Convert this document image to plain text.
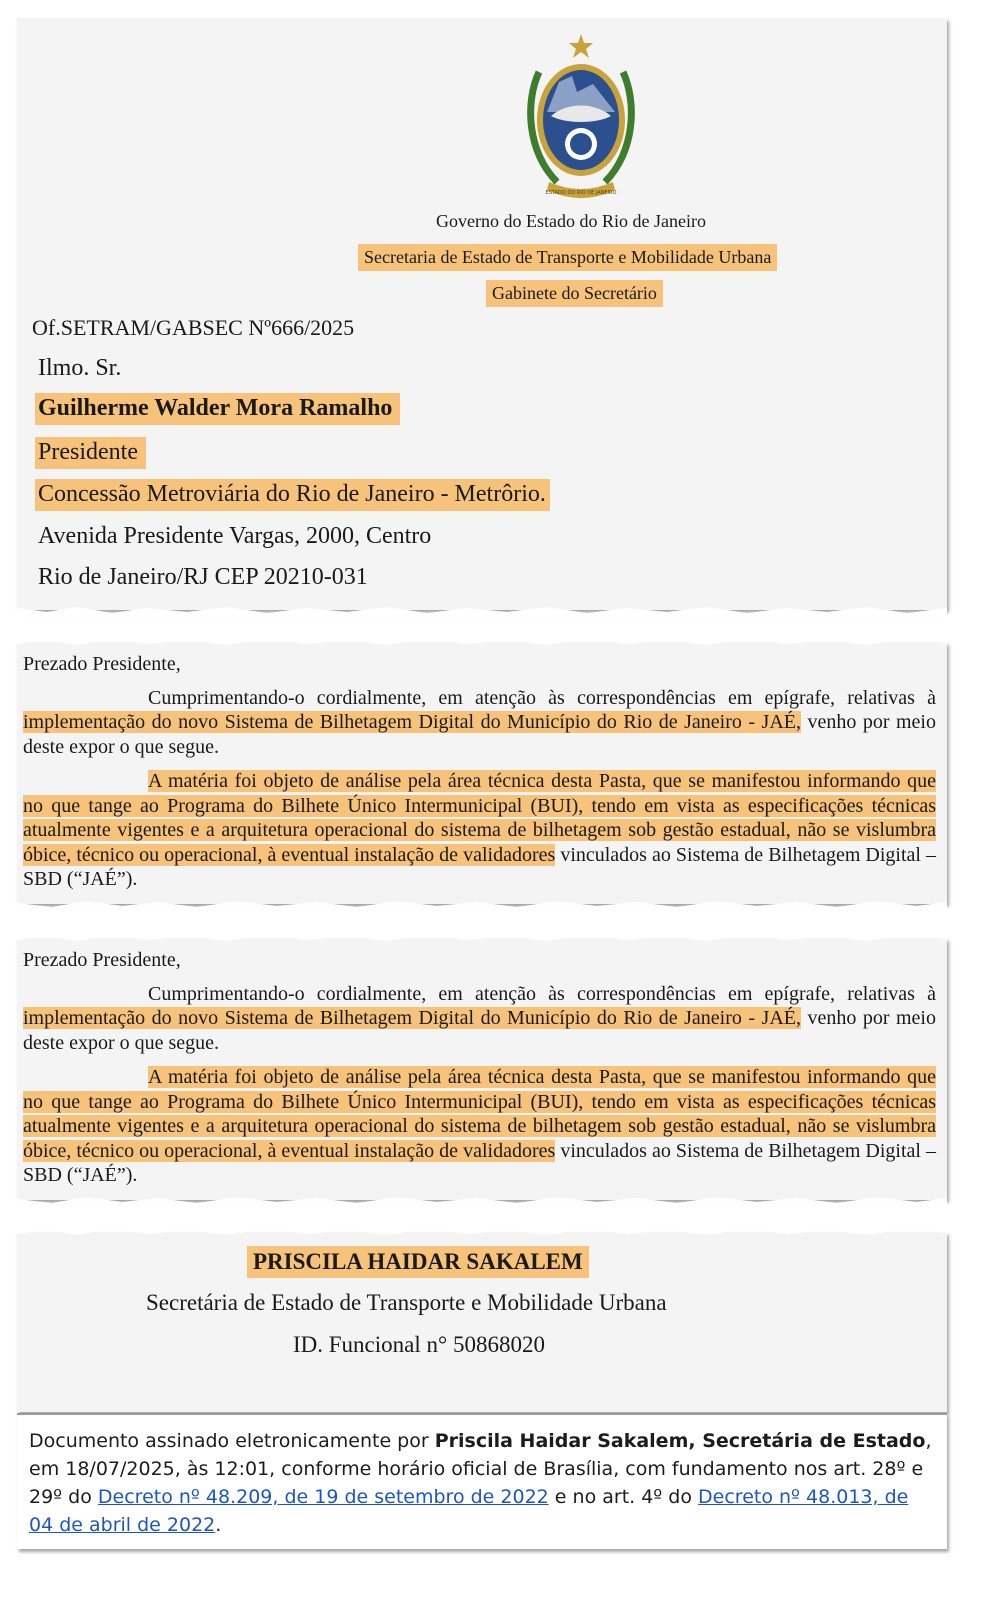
ESTADO DO RIO DE JANEIRO
Governo do Estado do Rio de Janeiro
Secretaria de Estado de Transporte e Mobilidade Urbana
Gabinete do Secretário
Of.SETRAM/GABSEC Nº666/2025
Ilmo. Sr.
Guilherme Walder Mora Ramalho
Presidente
Concessão Metroviária do Rio de Janeiro - Metrôrio.
Avenida Presidente Vargas, 2000, Centro
Rio de Janeiro/RJ CEP 20210-031
Prezado Presidente,
Cumprimentando-o cordialmente, em atenção às correspondências em epígrafe, relativas à implementação do novo Sistema de Bilhetagem Digital do Município do Rio de Janeiro - JAÉ, venho por meio deste expor o que segue.
A matéria foi objeto de análise pela área técnica desta Pasta, que se manifestou informando que no que tange ao Programa do Bilhete Único Intermunicipal (BUI), tendo em vista as especificações técnicas atualmente vigentes e a arquitetura operacional do sistema de bilhetagem sob gestão estadual, não se vislumbra óbice, técnico ou operacional, à eventual instalação de validadores vinculados ao Sistema de Bilhetagem Digital – SBD (“JAÉ”).
Prezado Presidente,
Cumprimentando-o cordialmente, em atenção às correspondências em epígrafe, relativas à implementação do novo Sistema de Bilhetagem Digital do Município do Rio de Janeiro - JAÉ, venho por meio deste expor o que segue.
A matéria foi objeto de análise pela área técnica desta Pasta, que se manifestou informando que no que tange ao Programa do Bilhete Único Intermunicipal (BUI), tendo em vista as especificações técnicas atualmente vigentes e a arquitetura operacional do sistema de bilhetagem sob gestão estadual, não se vislumbra óbice, técnico ou operacional, à eventual instalação de validadores vinculados ao Sistema de Bilhetagem Digital – SBD (“JAÉ”).
PRISCILA HAIDAR SAKALEM
Secretária de Estado de Transporte e Mobilidade Urbana
ID. Funcional n° 50868020
Documento assinado eletronicamente por Priscila Haidar Sakalem, Secretária de Estado, em 18/07/2025, às 12:01, conforme horário oficial de Brasília, com fundamento nos art. 28º e 29º do Decreto nº 48.209, de 19 de setembro de 2022 e no art. 4º do Decreto nº 48.013, de 04 de abril de 2022.
